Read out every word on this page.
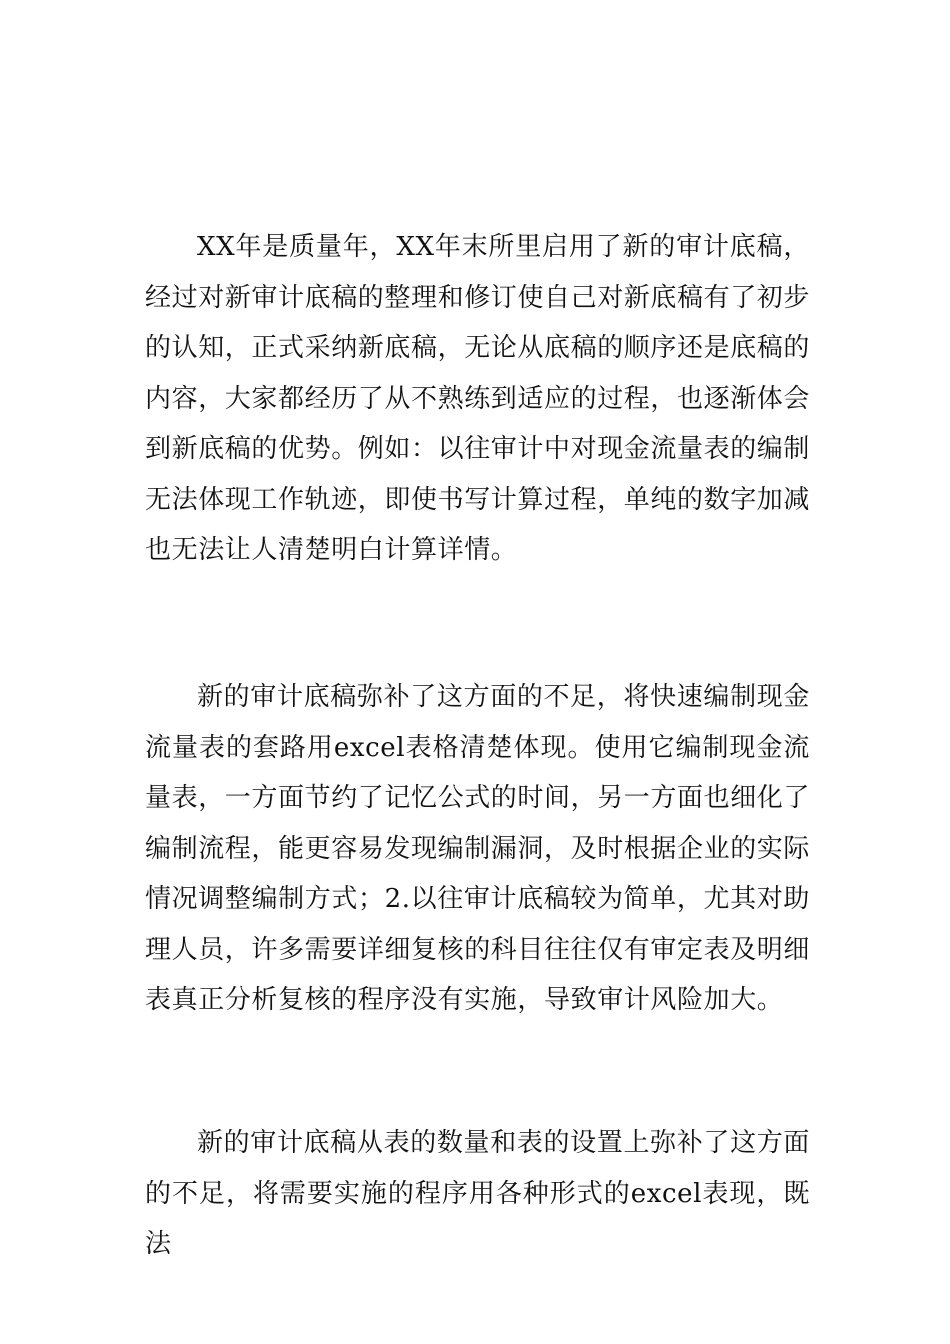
XX年是质量年，XX年末所里启用了新的审计底稿，经过对新审计底稿的整理和修订使自己对新底稿有了初步的认知，正式采纳新底稿，无论从底稿的顺序还是底稿的内容，大家都经历了从不熟练到适应的过程，也逐渐体会到新底稿的优势。例如：以往审计中对现金流量表的编制无法体现工作轨迹，即使书写计算过程，单纯的数字加减也无法让人清楚明白计算详情。

新的审计底稿弥补了这方面的不足，将快速编制现金流量表的套路用excel表格清楚体现。使用它编制现金流量表，一方面节约了记忆公式的时间，另一方面也细化了编制流程，能更容易发现编制漏洞，及时根据企业的实际情况调整编制方式；2.以往审计底稿较为简单，尤其对助理人员，许多需要详细复核的科目往往仅有审定表及明细表真正分析复核的程序没有实施，导致审计风险加大。

新的审计底稿从表的数量和表的设置上弥补了这方面的不足，将需要实施的程序用各种形式的excel表现，既法
